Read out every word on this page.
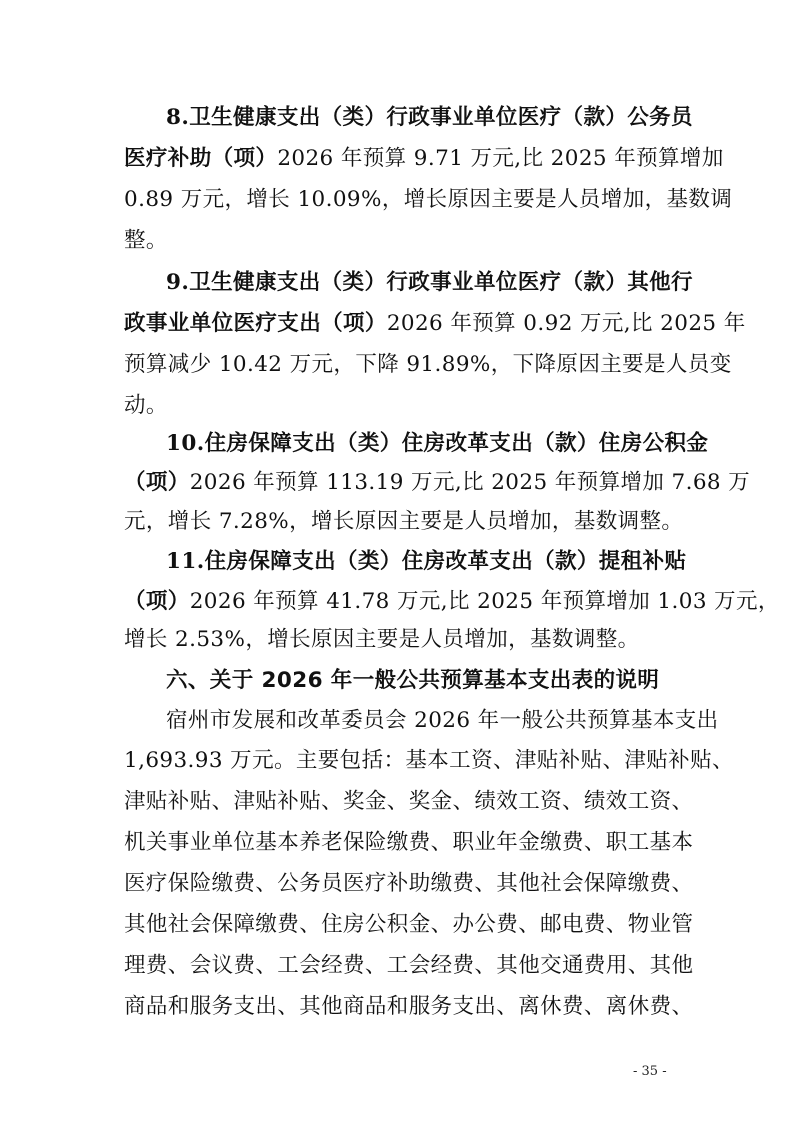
8.卫生健康支出（类）行政事业单位医疗（款）公务员
医疗补助（项）2026 年预算 9.71 万元,比 2025 年预算增加
0.89 万元，增长 10.09%，增长原因主要是人员增加，基数调
整。
9.卫生健康支出（类）行政事业单位医疗（款）其他行
政事业单位医疗支出（项）2026 年预算 0.92 万元,比 2025 年
预算减少 10.42 万元，下降 91.89%，下降原因主要是人员变
动。
10.住房保障支出（类）住房改革支出（款）住房公积金
（项）2026 年预算 113.19 万元,比 2025 年预算增加 7.68 万
元，增长 7.28%，增长原因主要是人员增加，基数调整。
11.住房保障支出（类）住房改革支出（款）提租补贴
（项）2026 年预算 41.78 万元,比 2025 年预算增加 1.03 万元，
增长 2.53%，增长原因主要是人员增加，基数调整。
六、关于 2026 年一般公共预算基本支出表的说明
宿州市发展和改革委员会 2026 年一般公共预算基本支出
1,693.93 万元。主要包括：基本工资、津贴补贴、津贴补贴、
津贴补贴、津贴补贴、奖金、奖金、绩效工资、绩效工资、
机关事业单位基本养老保险缴费、职业年金缴费、职工基本
医疗保险缴费、公务员医疗补助缴费、其他社会保障缴费、
其他社会保障缴费、住房公积金、办公费、邮电费、物业管
理费、会议费、工会经费、工会经费、其他交通费用、其他
商品和服务支出、其他商品和服务支出、离休费、离休费、
- 35 -
